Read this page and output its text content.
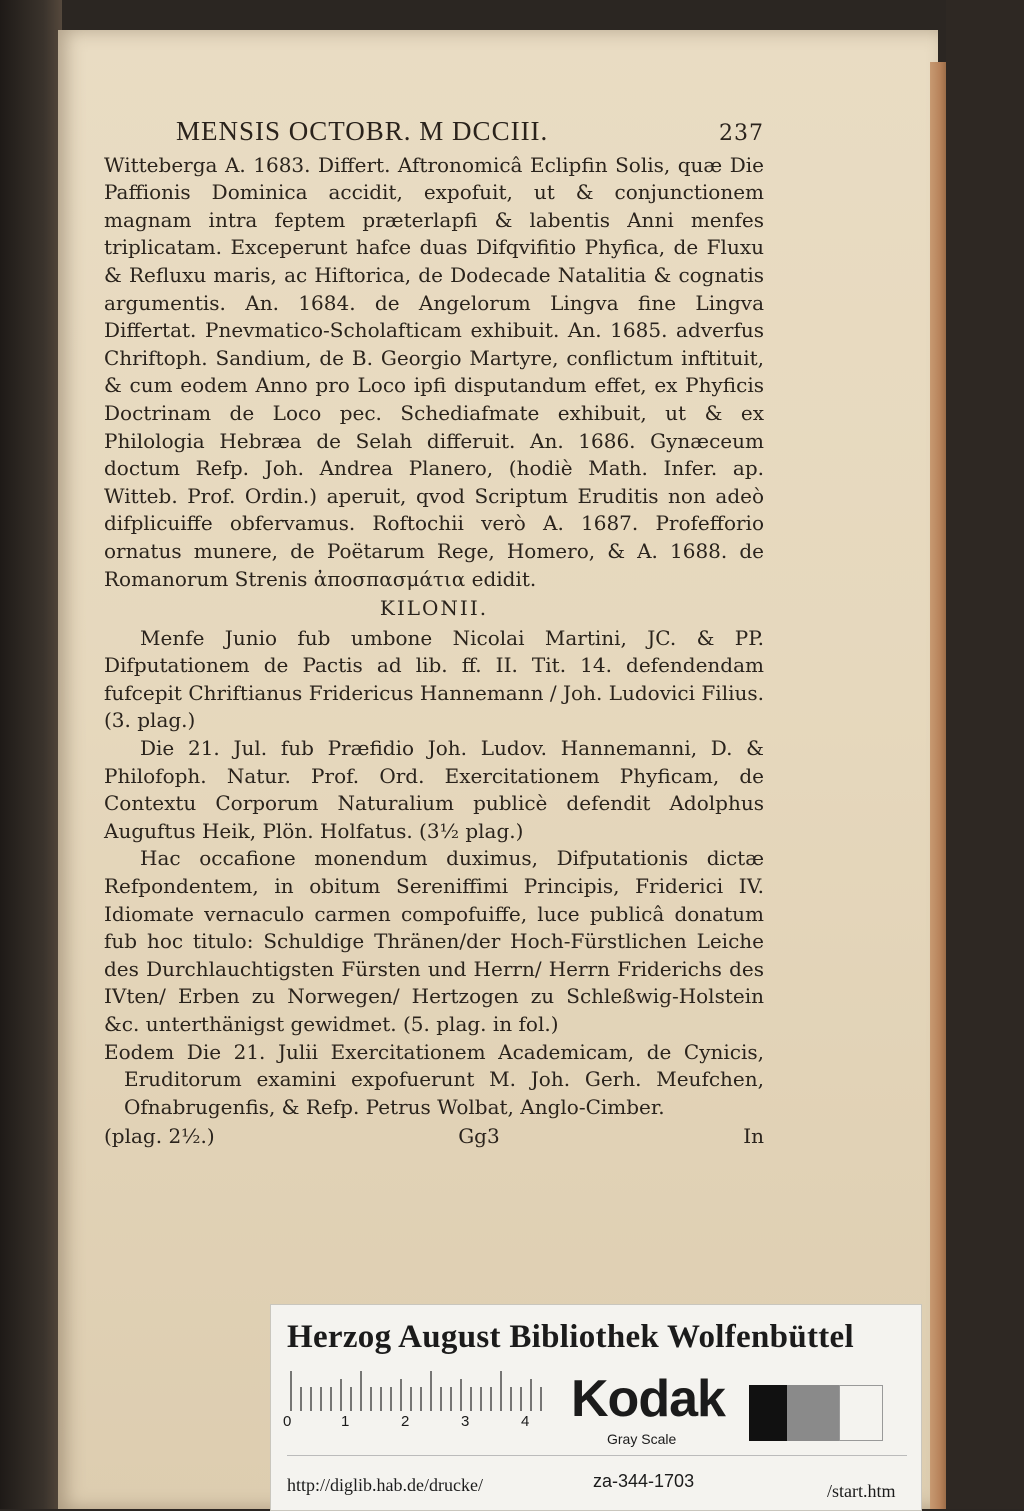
MENSIS OCTOBR. M DCCIII.	237

Witteberga A. 1683. Differt. Aftronomicâ Eclipfin Solis, quæ Die Paffionis Dominica accidit, expofuit, ut & conjunctionem magnam intra feptem præterlapfi & labentis Anni menfes triplicatam. Exceperunt hafce duas Difqvifitio Phyfica, de Fluxu & Refluxu maris, ac Hiftorica, de Dodecade Natalitia & cognatis argumentis. An. 1684. de Angelorum Lingva fine Lingva Differtat. Pnevmatico-Scholafticam exhibuit. An. 1685. adverfus Chriftoph. Sandium, de B. Georgio Martyre, conflictum inftituit, & cum eodem Anno pro Loco ipfi disputandum effet, ex Phyficis Doctrinam de Loco pec. Schediafmate exhibuit, ut & ex Philologia Hebræa de Selah differuit. An. 1686. Gynæceum doctum Refp. Joh. Andrea Planero, (hodiè Math. Infer. ap. Witteb. Prof. Ordin.) aperuit, qvod Scriptum Eruditis non adeò difplicuiffe obfervamus. Roftochii verò A. 1687. Profefforio ornatus munere, de Poëtarum Rege, Homero, & A. 1688. de Romanorum Strenis ἀποσπασμάτια edidit.

KILONII.

Menfe Junio fub umbone Nicolai Martini, JC. & PP. Difputationem de Pactis ad lib. ff. II. Tit. 14. defendendam fufcepit Chriftianus Fridericus Hannemann / Joh. Ludovici Filius. (3. plag.)

Die 21. Jul. fub Præfidio Joh. Ludov. Hannemanni, D. & Philofoph. Natur. Prof. Ord. Exercitationem Phyficam, de Contextu Corporum Naturalium publicè defendit Adolphus Auguftus Heik, Plön. Holfatus. (3½ plag.)

Hac occafione monendum duximus, Difputationis dictæ Refpondentem, in obitum Sereniffimi Principis, Friderici IV. Idiomate vernaculo carmen compofuiffe, luce publicâ donatum fub hoc titulo: Schuldige Thränen/der Hoch-Fürstlichen Leiche des Durchlauchtigsten Fürsten und Herrn/ Herrn Friderichs des IVten/ Erben zu Norwegen/ Hertzogen zu Schleßwig-Holstein &c. unterthänigst gewidmet. (5. plag. in fol.)

Eodem Die 21. Julii Exercitationem Academicam, de Cynicis, Eruditorum examini expofuerunt M. Joh. Gerh. Meufchen, Ofnabrugenfis, & Refp. Petrus Wolbat, Anglo-Cimber.

(plag. 2½.)	Gg3	In
Herzog August Bibliothek Wolfenbüttel
0	1	2	3	4 Kodak
Gray Scale
http://diglib.hab.de/drucke/	za-344-1703	/start.htm
